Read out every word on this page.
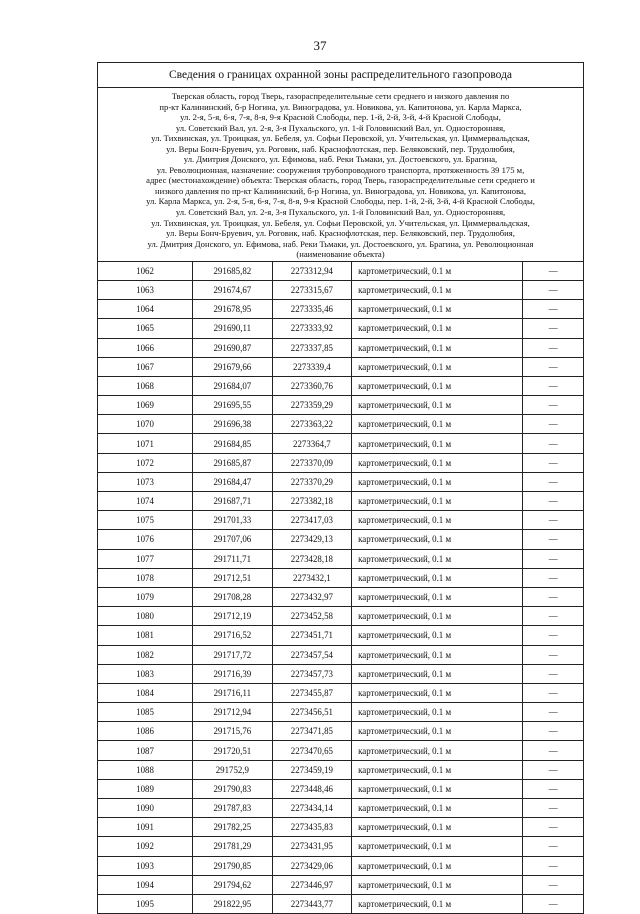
37
Сведения о границах охранной зоны распределительного газопровода
Тверская область, город Тверь, газораспределительные сети среднего и низкого давления по
пр-кт Калининский, б-р Ногина, ул. Виноградова, ул. Новикова, ул. Капитонова, ул. Карла Маркса,
ул. 2-я, 5-я, 6-я, 7-я, 8-я, 9-я Красной Слободы, пер. 1-й, 2-й, 3-й, 4-й Красной Слободы,
ул. Советский Вал, ул. 2-я, 3-я Пухальского, ул. 1-й Головинский Вал, ул. Односторонняя,
ул. Тихвинская, ул. Троицкая, ул. Бебеля, ул. Софьи Перовской, ул. Учительская, ул. Циммервальдская,
ул. Веры Бонч-Бруевич, ул. Роговик, наб. Краснофлотская, пер. Беляковский, пер. Трудолюбия,
ул. Дмитрия Донского, ул. Ефимова, наб. Реки Тьмаки, ул. Достоевского, ул. Брагина,
ул. Революционная, назначение: сооружения трубопроводного транспорта, протяженность 39 175 м,
адрес (местонахождение) объекта: Тверская область, город Тверь, газораспределительные сети среднего и
низкого давления по пр-кт Калининский, б-р Ногина, ул. Виноградова, ул. Новикова, ул. Капитонова,
ул. Карла Маркса, ул. 2-я, 5-я, 6-я, 7-я, 8-я, 9-я Красной Слободы, пер. 1-й, 2-й, 3-й, 4-й Красной Слободы,
ул. Советский Вал, ул. 2-я, 3-я Пухальского, ул. 1-й Головинский Вал, ул. Односторонняя,
ул. Тихвинская, ул. Троицкая, ул. Бебеля, ул. Софьи Перовской, ул. Учительская, ул. Циммервальдская,
ул. Веры Бонч-Бруевич, ул. Роговик, наб. Краснофлотская, пер. Беляковский, пер. Трудолюбия,
ул. Дмитрия Донского, ул. Ефимова, наб. Реки Тьмаки, ул. Достоевского, ул. Брагина, ул. Революционная
(наименование объекта)
1062	291685,82	2273312,94	картометрический, 0.1 м	—
1063	291674,67	2273315,67	картометрический, 0.1 м	—
1064	291678,95	2273335,46	картометрический, 0.1 м	—
1065	291690,11	2273333,92	картометрический, 0.1 м	—
1066	291690,87	2273337,85	картометрический, 0.1 м	—
1067	291679,66	2273339,4	картометрический, 0.1 м	—
1068	291684,07	2273360,76	картометрический, 0.1 м	—
1069	291695,55	2273359,29	картометрический, 0.1 м	—
1070	291696,38	2273363,22	картометрический, 0.1 м	—
1071	291684,85	2273364,7	картометрический, 0.1 м	—
1072	291685,87	2273370,09	картометрический, 0.1 м	—
1073	291684,47	2273370,29	картометрический, 0.1 м	—
1074	291687,71	2273382,18	картометрический, 0.1 м	—
1075	291701,33	2273417,03	картометрический, 0.1 м	—
1076	291707,06	2273429,13	картометрический, 0.1 м	—
1077	291711,71	2273428,18	картометрический, 0.1 м	—
1078	291712,51	2273432,1	картометрический, 0.1 м	—
1079	291708,28	2273432,97	картометрический, 0.1 м	—
1080	291712,19	2273452,58	картометрический, 0.1 м	—
1081	291716,52	2273451,71	картометрический, 0.1 м	—
1082	291717,72	2273457,54	картометрический, 0.1 м	—
1083	291716,39	2273457,73	картометрический, 0.1 м	—
1084	291716,11	2273455,87	картометрический, 0.1 м	—
1085	291712,94	2273456,51	картометрический, 0.1 м	—
1086	291715,76	2273471,85	картометрический, 0.1 м	—
1087	291720,51	2273470,65	картометрический, 0.1 м	—
1088	291752,9	2273459,19	картометрический, 0.1 м	—
1089	291790,83	2273448,46	картометрический, 0.1 м	—
1090	291787,83	2273434,14	картометрический, 0.1 м	—
1091	291782,25	2273435,83	картометрический, 0.1 м	—
1092	291781,29	2273431,95	картометрический, 0.1 м	—
1093	291790,85	2273429,06	картометрический, 0.1 м	—
1094	291794,62	2273446,97	картометрический, 0.1 м	—
1095	291822,95	2273443,77	картометрический, 0.1 м	—
